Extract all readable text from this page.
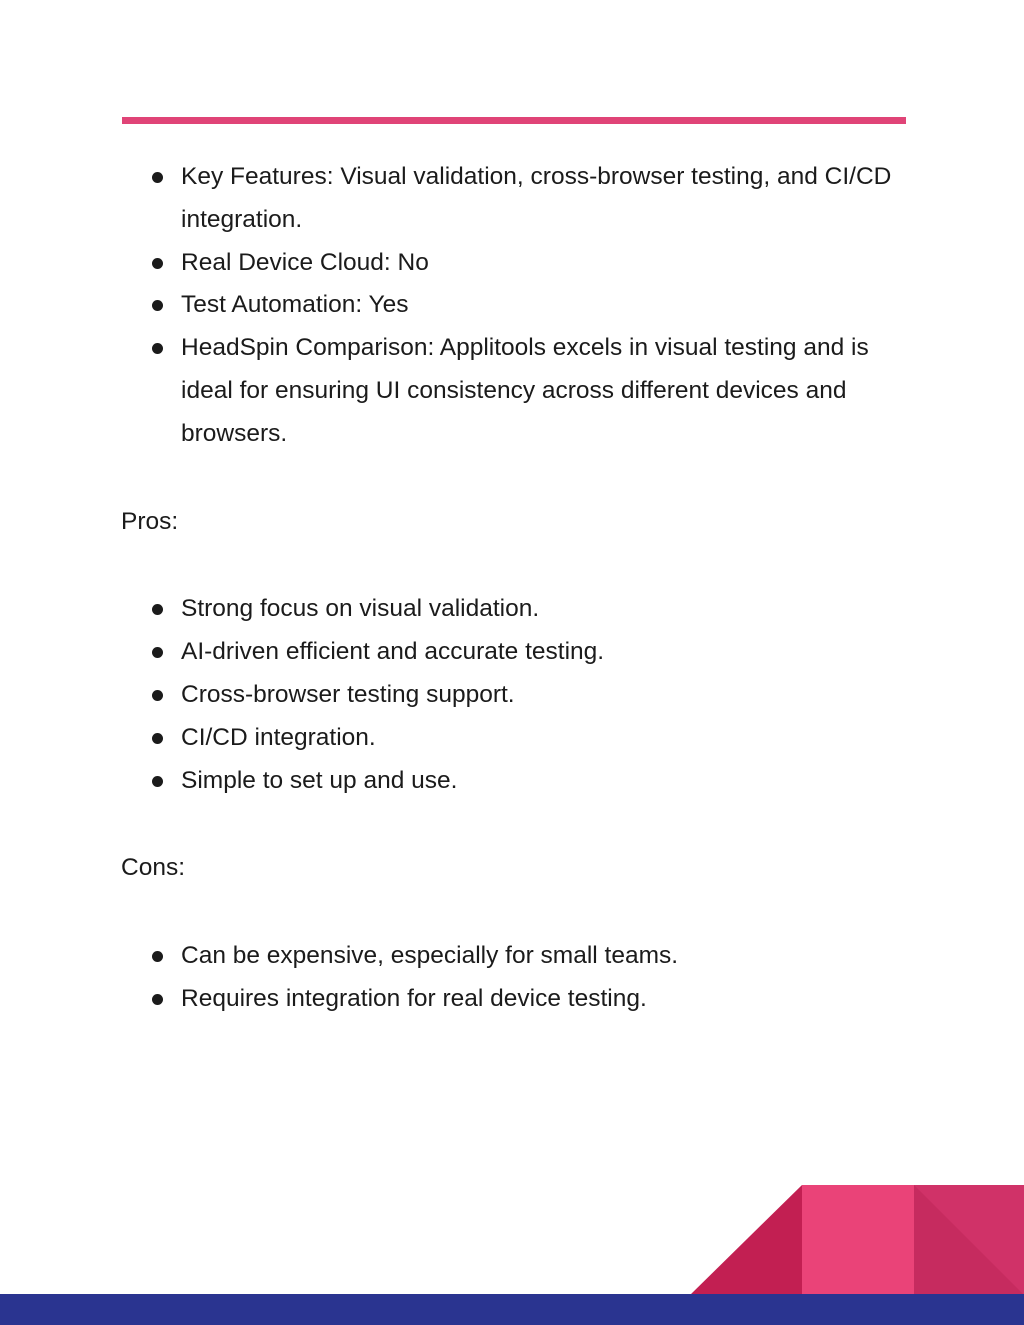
Key Features: Visual validation, cross-browser testing, and CI/CD integration.
Real Device Cloud: No
Test Automation: Yes
HeadSpin Comparison: Applitools excels in visual testing and is ideal for ensuring UI consistency across different devices and browsers.

Pros:

Strong focus on visual validation.
AI-driven efficient and accurate testing.
Cross-browser testing support.
CI/CD integration.
Simple to set up and use.

Cons:

Can be expensive, especially for small teams.
Requires integration for real device testing.
